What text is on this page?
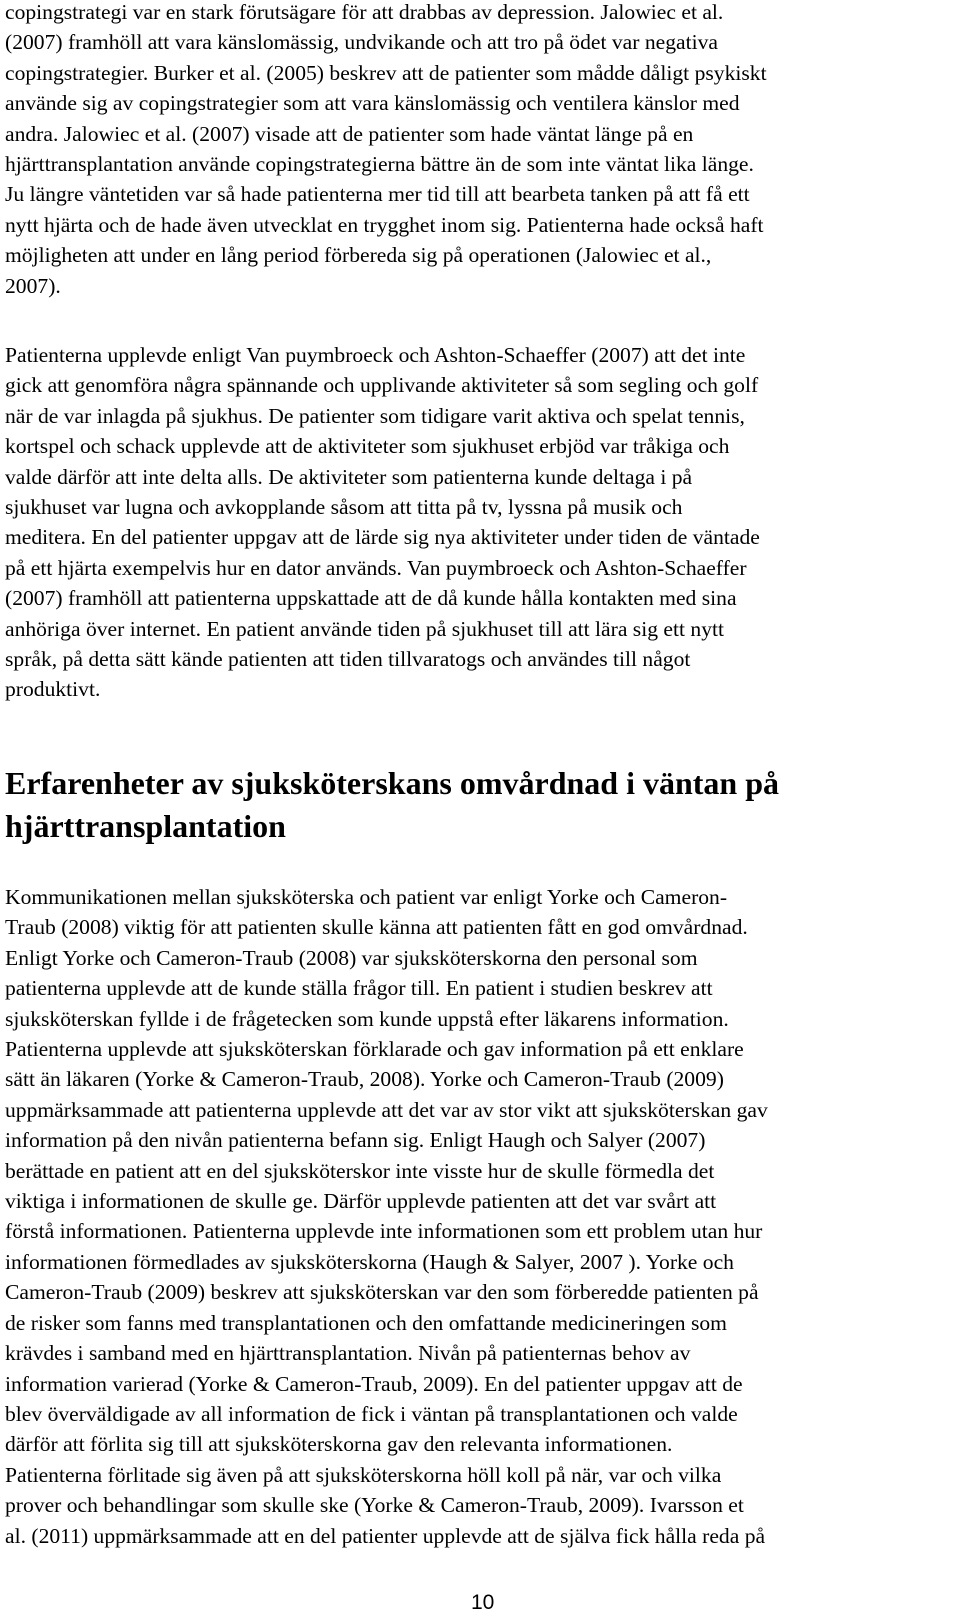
copingstrategi var en stark förutsägare för att drabbas av depression. Jalowiec et al.
(2007) framhöll att vara känslomässig, undvikande och att tro på ödet var negativa
copingstrategier. Burker et al. (2005) beskrev att de patienter som mådde dåligt psykiskt
använde sig av copingstrategier som att vara känslomässig och ventilera känslor med
andra. Jalowiec et al. (2007) visade att de patienter som hade väntat länge på en
hjärttransplantation använde copingstrategierna bättre än de som inte väntat lika länge.
Ju längre väntetiden var så hade patienterna mer tid till att bearbeta tanken på att få ett
nytt hjärta och de hade även utvecklat en trygghet inom sig. Patienterna hade också haft
möjligheten att under en lång period förbereda sig på operationen (Jalowiec et al.,
2007).

Patienterna upplevde enligt Van puymbroeck och Ashton-Schaeffer (2007) att det inte
gick att genomföra några spännande och upplivande aktiviteter så som segling och golf
när de var inlagda på sjukhus. De patienter som tidigare varit aktiva och spelat tennis,
kortspel och schack upplevde att de aktiviteter som sjukhuset erbjöd var tråkiga och
valde därför att inte delta alls. De aktiviteter som patienterna kunde deltaga i på
sjukhuset var lugna och avkopplande såsom att titta på tv, lyssna på musik och
meditera. En del patienter uppgav att de lärde sig nya aktiviteter under tiden de väntade
på ett hjärta exempelvis hur en dator används. Van puymbroeck och Ashton-Schaeffer
(2007) framhöll att patienterna uppskattade att de då kunde hålla kontakten med sina
anhöriga över internet. En patient använde tiden på sjukhuset till att lära sig ett nytt
språk, på detta sätt kände patienten att tiden tillvaratogs och användes till något
produktivt.

Erfarenheter av sjuksköterskans omvårdnad i väntan på
hjärttransplantation

Kommunikationen mellan sjuksköterska och patient var enligt Yorke och Cameron-
Traub (2008) viktig för att patienten skulle känna att patienten fått en god omvårdnad.
Enligt Yorke och Cameron-Traub (2008) var sjuksköterskorna den personal som
patienterna upplevde att de kunde ställa frågor till. En patient i studien beskrev att
sjuksköterskan fyllde i de frågetecken som kunde uppstå efter läkarens information.
Patienterna upplevde att sjuksköterskan förklarade och gav information på ett enklare
sätt än läkaren (Yorke & Cameron-Traub, 2008). Yorke och Cameron-Traub (2009)
uppmärksammade att patienterna upplevde att det var av stor vikt att sjuksköterskan gav
information på den nivån patienterna befann sig. Enligt Haugh och Salyer (2007)
berättade en patient att en del sjuksköterskor inte visste hur de skulle förmedla det
viktiga i informationen de skulle ge. Därför upplevde patienten att det var svårt att
förstå informationen. Patienterna upplevde inte informationen som ett problem utan hur
informationen förmedlades av sjuksköterskorna (Haugh & Salyer, 2007 ). Yorke och
Cameron-Traub (2009) beskrev att sjuksköterskan var den som förberedde patienten på
de risker som fanns med transplantationen och den omfattande medicineringen som
krävdes i samband med en hjärttransplantation. Nivån på patienternas behov av
information varierad (Yorke & Cameron-Traub, 2009). En del patienter uppgav att de
blev överväldigade av all information de fick i väntan på transplantationen och valde
därför att förlita sig till att sjuksköterskorna gav den relevanta informationen.
Patienterna förlitade sig även på att sjuksköterskorna höll koll på när, var och vilka
prover och behandlingar som skulle ske (Yorke & Cameron-Traub, 2009). Ivarsson et
al. (2011) uppmärksammade att en del patienter upplevde att de själva fick hålla reda på

10
